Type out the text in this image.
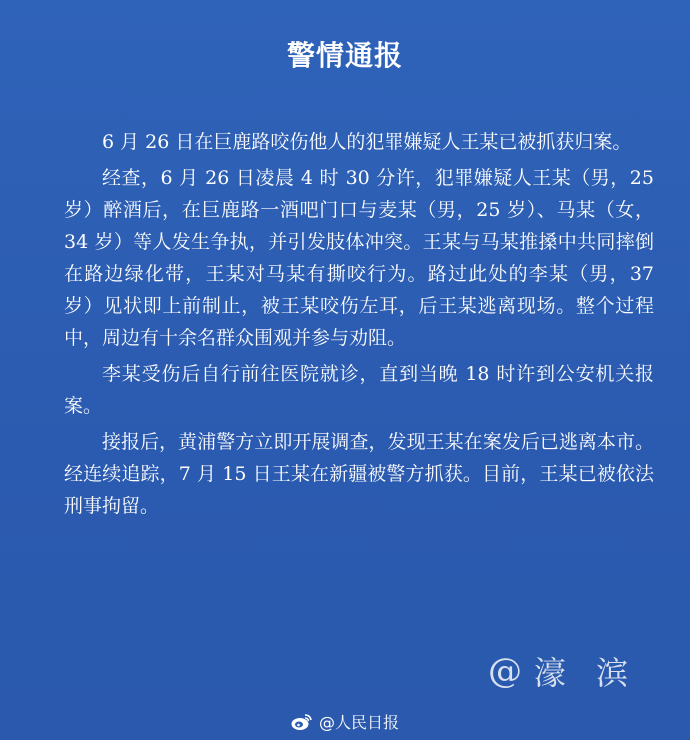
警情通报

6 月 26 日在巨鹿路咬伤他人的犯罪嫌疑人王某已被抓获归案。

经查，6 月 26 日凌晨 4 时 30 分许，犯罪嫌疑人王某（男，25 岁）醉酒后，在巨鹿路一酒吧门口与麦某（男，25 岁）、马某（女，34 岁）等人发生争执，并引发肢体冲突。王某与马某推搡中共同摔倒在路边绿化带，王某对马某有撕咬行为。路过此处的李某（男，37 岁）见状即上前制止，被王某咬伤左耳，后王某逃离现场。整个过程中，周边有十余名群众围观并参与劝阻。

李某受伤后自行前往医院就诊，直到当晚 18 时许到公安机关报案。

接报后，黄浦警方立即开展调查，发现王某在案发后已逃离本市。经连续追踪，7 月 15 日王某在新疆被警方抓获。目前，王某已被依法刑事拘留。

@ 濠 滨
@人民日报
